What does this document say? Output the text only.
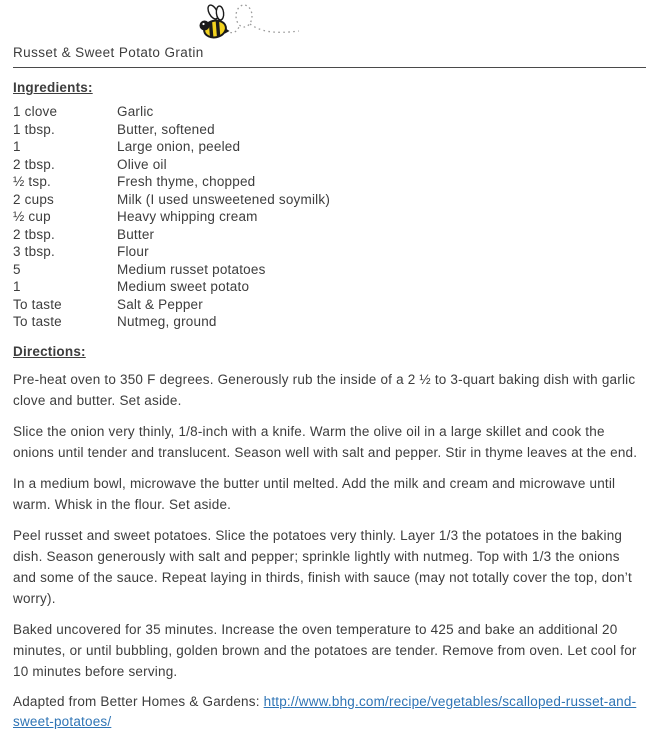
Russet & Sweet Potato Gratin
Ingredients:
1 clove	Garlic
1 tbsp.	Butter, softened
1	Large onion, peeled
2 tbsp.	Olive oil
½ tsp.	Fresh thyme, chopped
2 cups	Milk (I used unsweetened soymilk)
½ cup	Heavy whipping cream
2 tbsp.	Butter
3 tbsp.	Flour
5	Medium russet potatoes
1	Medium sweet potato
To taste	Salt & Pepper
To taste	Nutmeg, ground
Directions:
Pre-heat oven to 350 F degrees. Generously rub the inside of a 2 ½ to 3-quart baking dish with garlic clove and butter. Set aside.
Slice the onion very thinly, 1/8-inch with a knife. Warm the olive oil in a large skillet and cook the onions until tender and translucent. Season well with salt and pepper. Stir in thyme leaves at the end.
In a medium bowl, microwave the butter until melted. Add the milk and cream and microwave until warm. Whisk in the flour. Set aside.
Peel russet and sweet potatoes. Slice the potatoes very thinly. Layer 1/3 the potatoes in the baking dish. Season generously with salt and pepper; sprinkle lightly with nutmeg. Top with 1/3 the onions and some of the sauce. Repeat laying in thirds, finish with sauce (may not totally cover the top, don’t worry).
Baked uncovered for 35 minutes. Increase the oven temperature to 425 and bake an additional 20 minutes, or until bubbling, golden brown and the potatoes are tender. Remove from oven. Let cool for 10 minutes before serving.
Adapted from Better Homes & Gardens: http://www.bhg.com/recipe/vegetables/scalloped-russet-and-sweet-potatoes/
